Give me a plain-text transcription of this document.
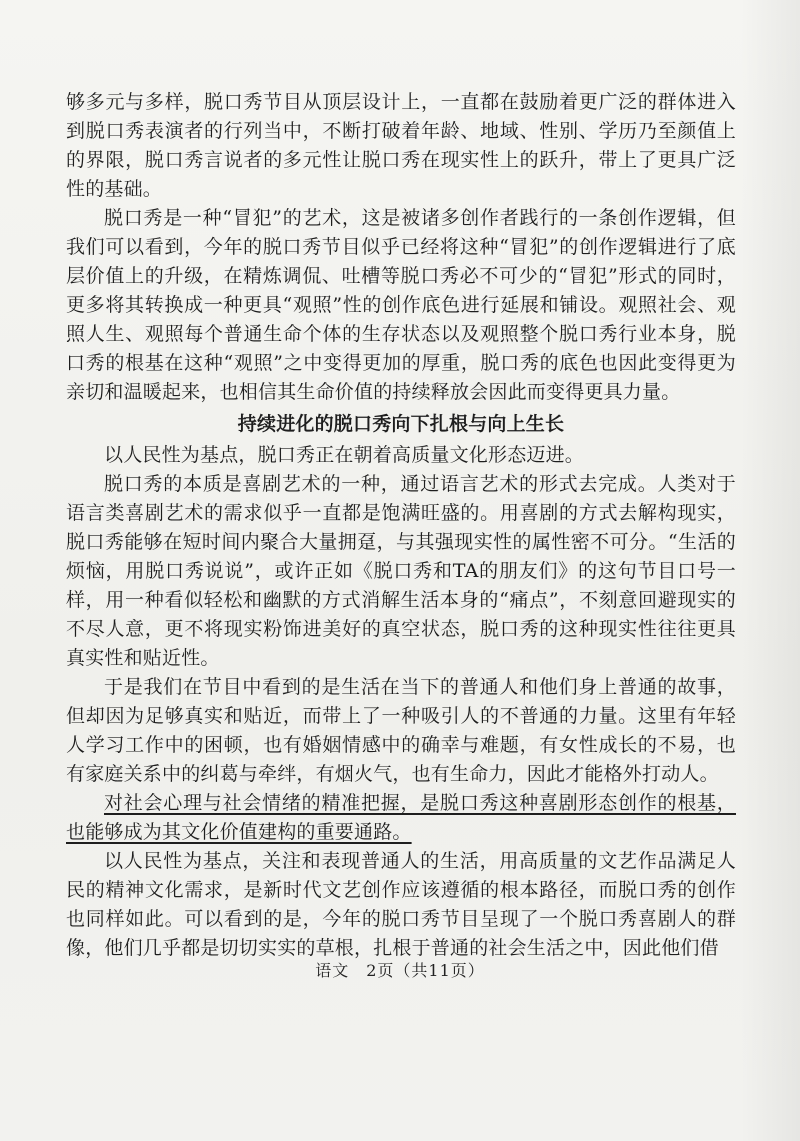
够多元与多样，脱口秀节目从顶层设计上，一直都在鼓励着更广泛的群体进入到脱口秀表演者的行列当中，不断打破着年龄、地域、性别、学历乃至颜值上的界限，脱口秀言说者的多元性让脱口秀在现实性上的跃升，带上了更具广泛性的基础。

脱口秀是一种“冒犯”的艺术，这是被诸多创作者践行的一条创作逻辑，但我们可以看到，今年的脱口秀节目似乎已经将这种“冒犯”的创作逻辑进行了底层价值上的升级，在精炼调侃、吐槽等脱口秀必不可少的“冒犯”形式的同时，更多将其转换成一种更具“观照”性的创作底色进行延展和铺设。观照社会、观照人生、观照每个普通生命个体的生存状态以及观照整个脱口秀行业本身，脱口秀的根基在这种“观照”之中变得更加的厚重，脱口秀的底色也因此变得更为亲切和温暖起来，也相信其生命价值的持续释放会因此而变得更具力量。

持续进化的脱口秀向下扎根与向上生长

以人民性为基点，脱口秀正在朝着高质量文化形态迈进。

脱口秀的本质是喜剧艺术的一种，通过语言艺术的形式去完成。人类对于语言类喜剧艺术的需求似乎一直都是饱满旺盛的。用喜剧的方式去解构现实，脱口秀能够在短时间内聚合大量拥趸，与其强现实性的属性密不可分。“生活的烦恼，用脱口秀说说”，或许正如《脱口秀和TA的朋友们》的这句节目口号一样，用一种看似轻松和幽默的方式消解生活本身的“痛点”，不刻意回避现实的不尽人意，更不将现实粉饰进美好的真空状态，脱口秀的这种现实性往往更具真实性和贴近性。

于是我们在节目中看到的是生活在当下的普通人和他们身上普通的故事，但却因为足够真实和贴近，而带上了一种吸引人的不普通的力量。这里有年轻人学习工作中的困顿，也有婚姻情感中的确幸与难题，有女性成长的不易，也有家庭关系中的纠葛与牵绊，有烟火气，也有生命力，因此才能格外打动人。

对社会心理与社会情绪的精准把握，是脱口秀这种喜剧形态创作的根基，也能够成为其文化价值建构的重要通路。

以人民性为基点，关注和表现普通人的生活，用高质量的文艺作品满足人民的精神文化需求，是新时代文艺创作应该遵循的根本路径，而脱口秀的创作也同样如此。可以看到的是，今年的脱口秀节目呈现了一个脱口秀喜剧人的群像，他们几乎都是切切实实的草根，扎根于普通的社会生活之中，因此他们借

语文　2页（共11页）
